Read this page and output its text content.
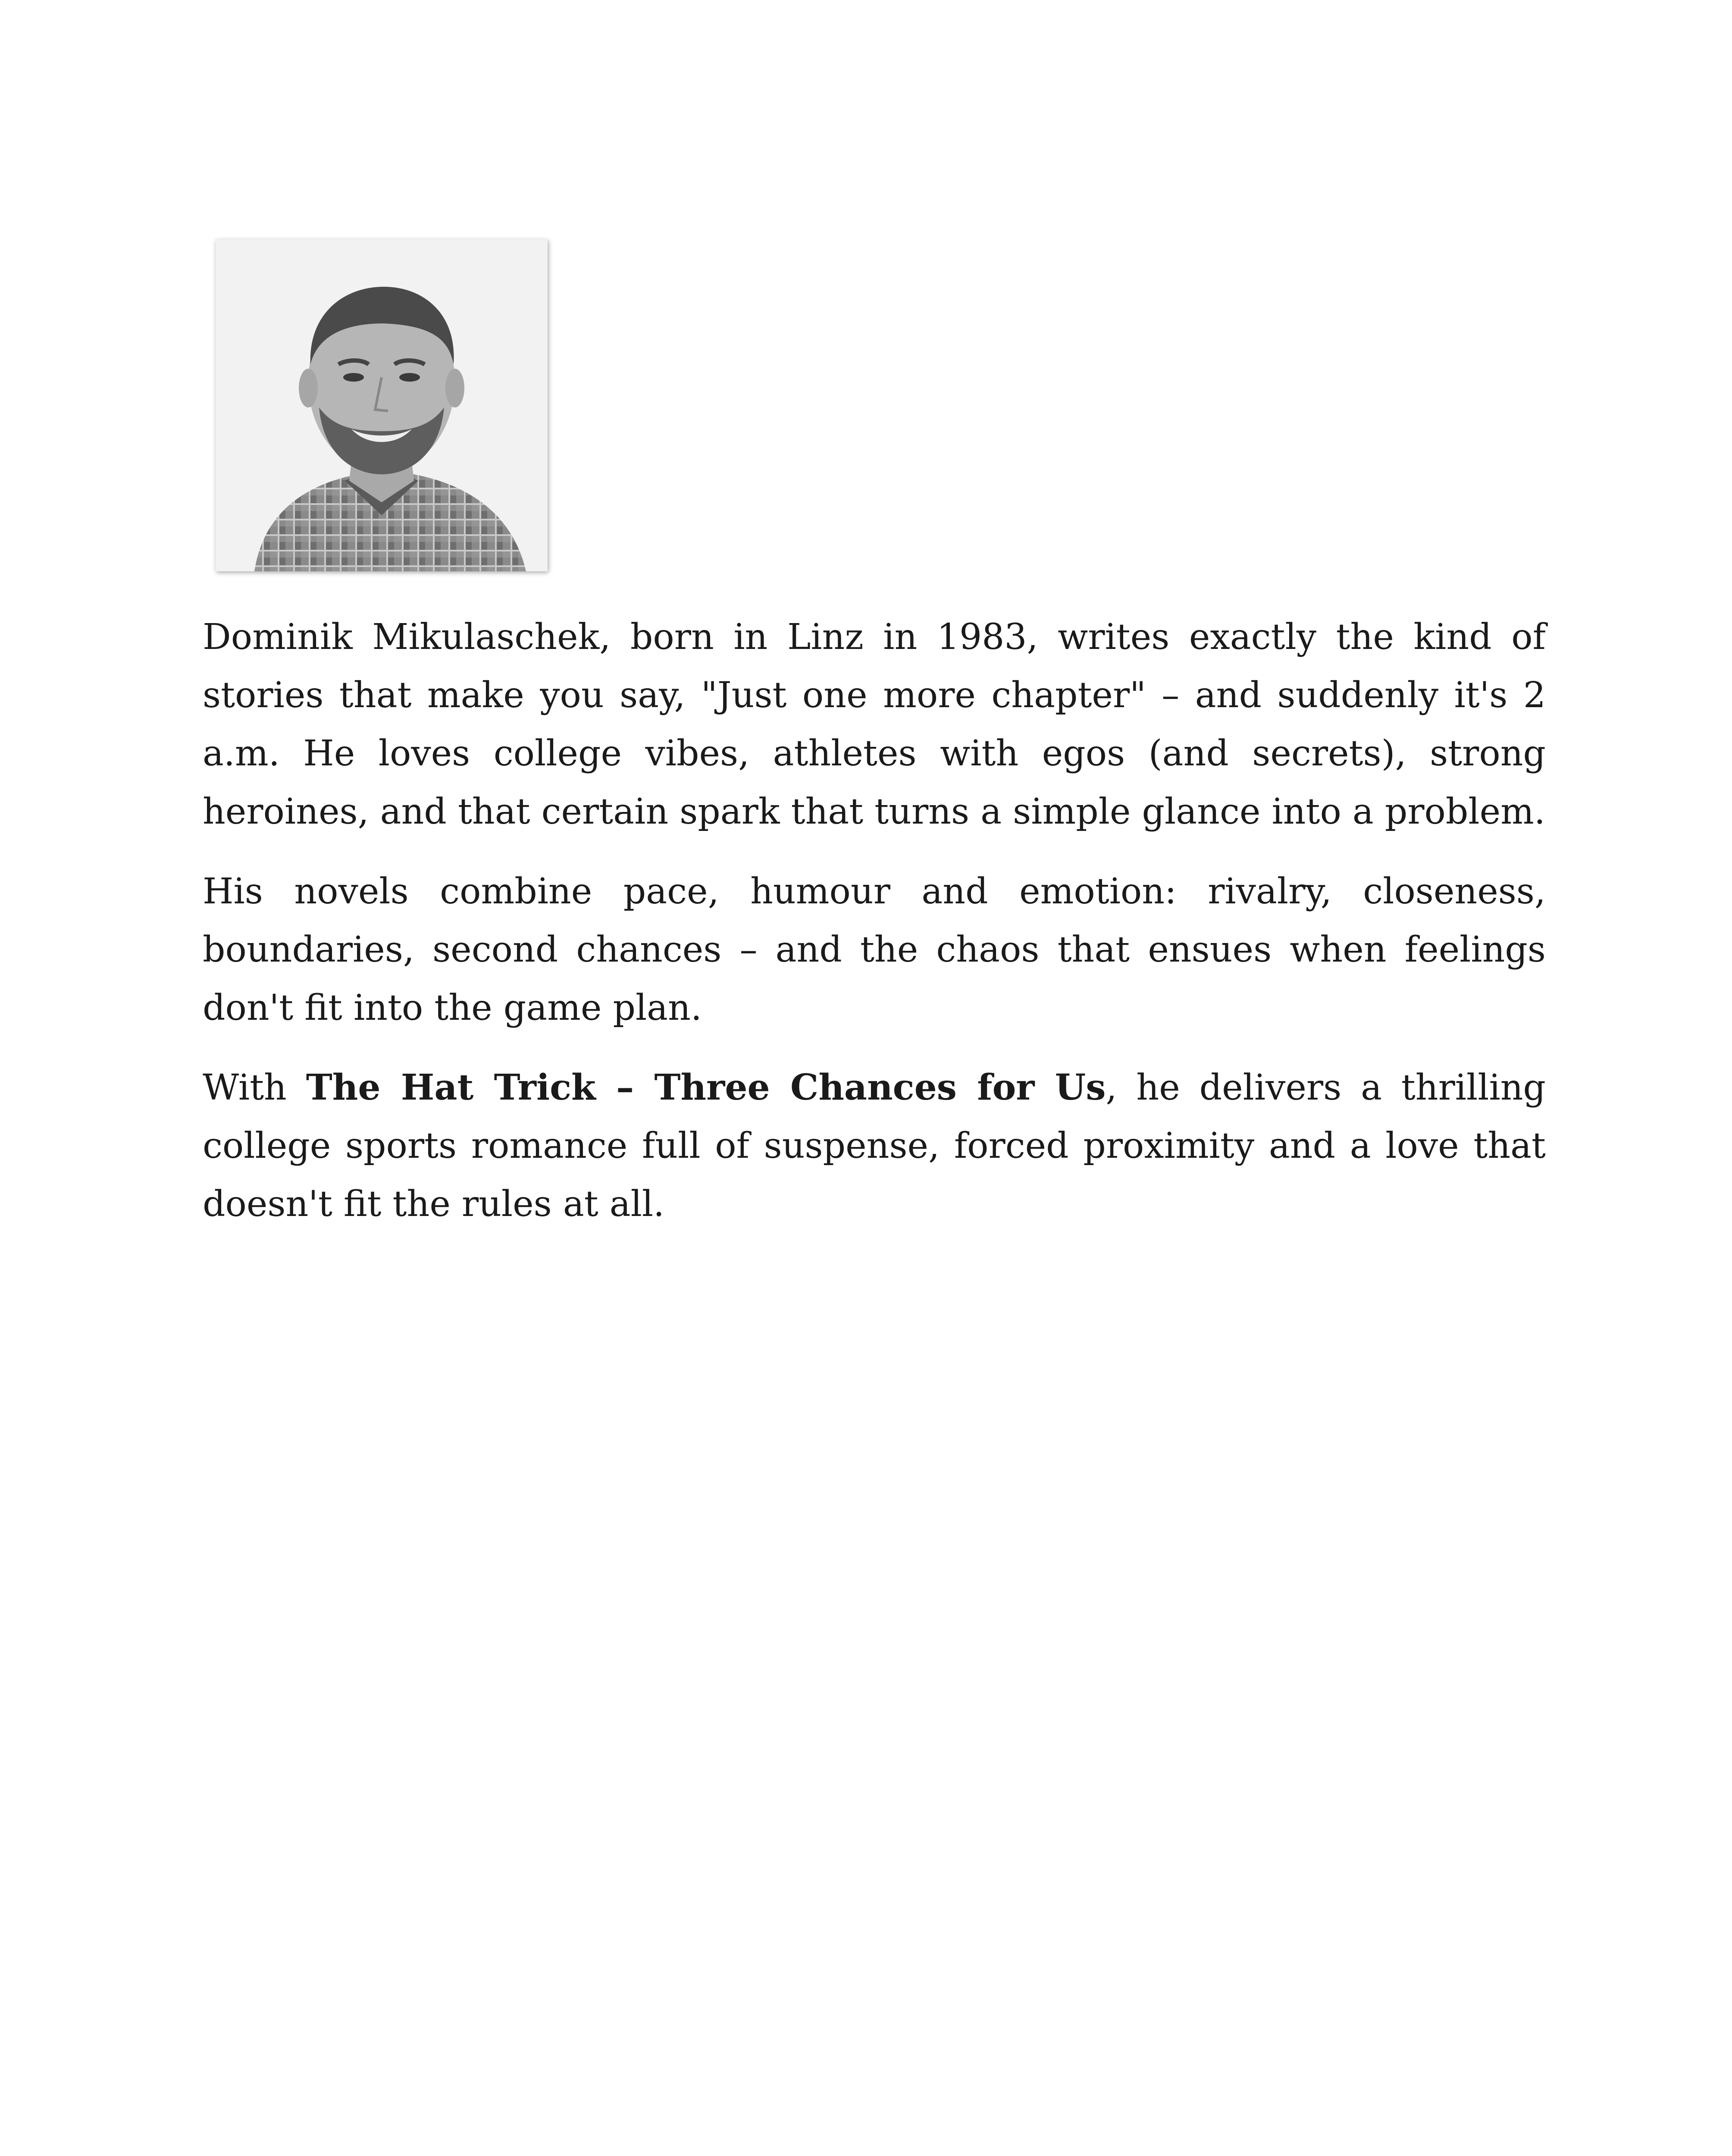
Dominik Mikulaschek, born in Linz in 1983, writes exactly the kind of stories that make you say, "Just one more chapter" – and suddenly it's 2 a.m. He loves college vibes, athletes with egos (and secrets), strong heroines, and that certain spark that turns a simple glance into a problem.

His novels combine pace, humour and emotion: rivalry, closeness, boundaries, second chances – and the chaos that ensues when feelings don't fit into the game plan.

With The Hat Trick – Three Chances for Us, he delivers a thrilling college sports romance full of suspense, forced proximity and a love that doesn't fit the rules at all.
